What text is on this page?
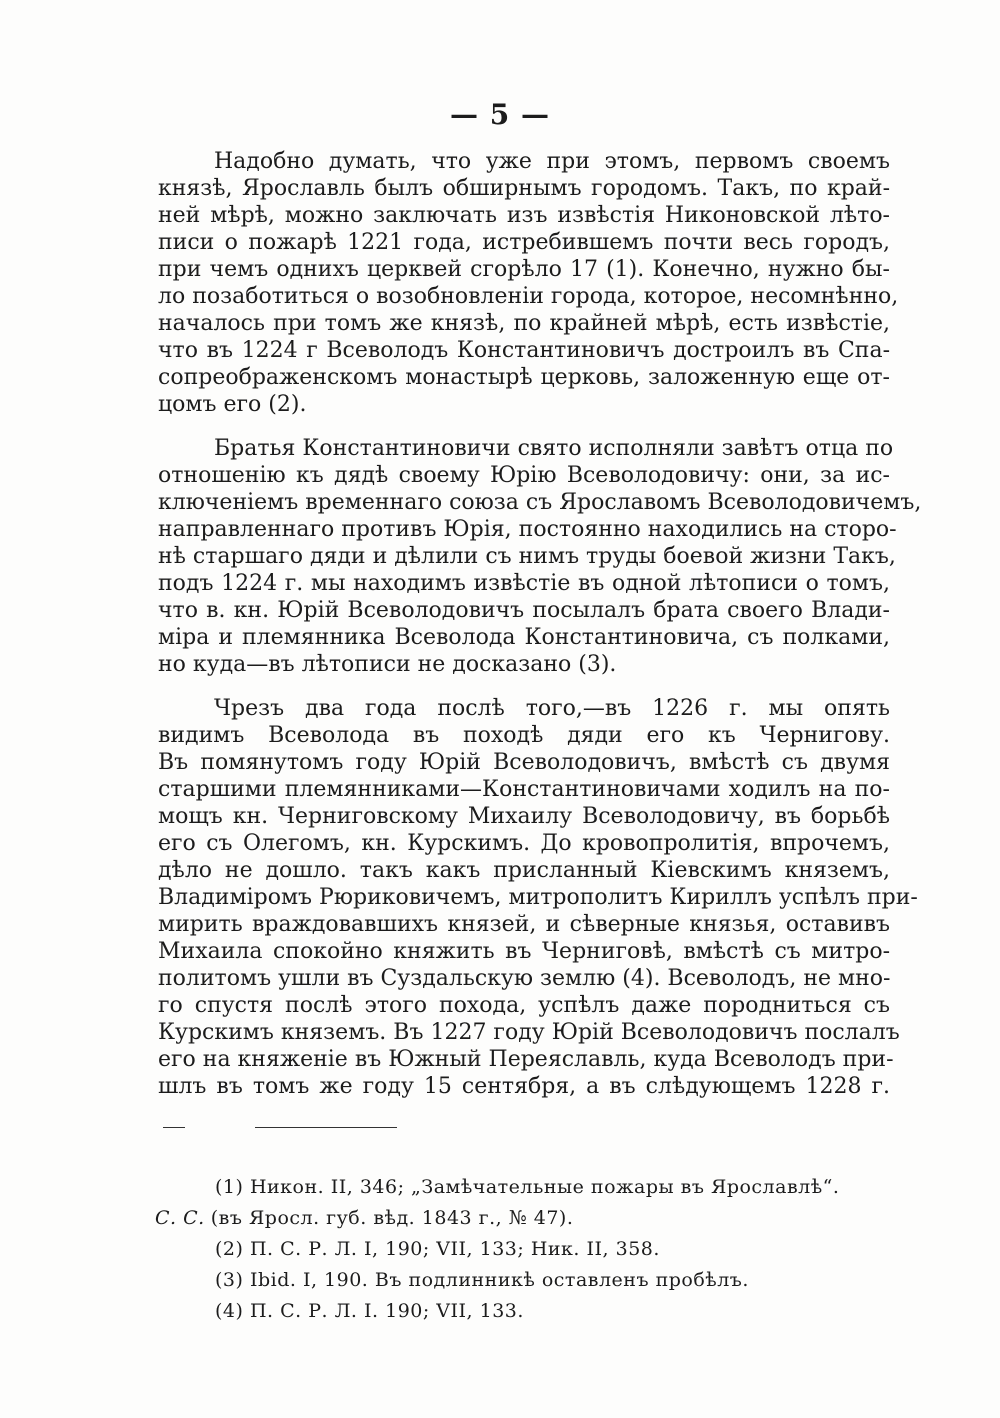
— 5 —
Надобно думать, что уже при этомъ, первомъ своемъ
князѣ, Ярославль былъ обширнымъ городомъ. Такъ, по край-
ней мѣрѣ, можно заключать изъ извѣстія Никоновской лѣто-
писи о пожарѣ 1221 года, истребившемъ почти весь городъ,
при чемъ однихъ церквей сгорѣло 17 (1). Конечно, нужно бы-
ло позаботиться о возобновленіи города, которое, несомнѣнно,
началось при томъ же князѣ, по крайней мѣрѣ, есть извѣстіе,
что въ 1224 г Всеволодъ Константиновичъ достроилъ въ Спа-
сопреображенскомъ монастырѣ церковь, заложенную еще от-
цомъ его (2).
Братья Константиновичи свято исполняли завѣтъ отца по
отношенію къ дядѣ своему Юрію Всеволодовичу: они, за ис-
ключеніемъ временнаго союза съ Ярославомъ Всеволодовичемъ,
направленнаго противъ Юрія, постоянно находились на сторо-
нѣ старшаго дяди и дѣлили съ нимъ труды боевой жизни Такъ,
подъ 1224 г. мы находимъ извѣстіе въ одной лѣтописи о томъ,
что в. кн. Юрій Всеволодовичъ посылалъ брата своего Влади-
міра и племянника Всеволода Константиновича, съ полками,
но куда—въ лѣтописи не досказано (3).
Чрезъ два года послѣ того,—въ 1226 г. мы опять
видимъ Всеволода въ походѣ дяди его къ Чернигову.
Въ помянутомъ году Юрій Всеволодовичъ, вмѣстѣ съ двумя
старшими племянниками—Константиновичами ходилъ на по-
мощъ кн. Черниговскому Михаилу Всеволодовичу, въ борьбѣ
его съ Олегомъ, кн. Курскимъ. До кровопролитія, впрочемъ,
дѣло не дошло. такъ какъ присланный Кіевскимъ княземъ,
Владиміромъ Рюриковичемъ, митрополитъ Кириллъ успѣлъ при-
мирить враждовавшихъ князей, и сѣверные князья, оставивъ
Михаила спокойно княжить въ Черниговѣ, вмѣстѣ съ митро-
политомъ ушли въ Суздальскую землю (4). Всеволодъ, не мно-
го спустя послѣ этого похода, успѣлъ даже породниться съ
Курскимъ княземъ. Въ 1227 году Юрій Всеволодовичъ послалъ
его на княженіе въ Южный Переяславль, куда Всеволодъ при-
шлъ въ томъ же году 15 сентября, а въ слѣдующемъ 1228 г.
(1) Никон. II, 346; „Замѣчательные пожары въ Ярославлѣ“.
С. С. (въ Яросл. губ. вѣд. 1843 г., № 47).
(2) П. С. Р. Л. I, 190; VII, 133; Ник. II, 358.
(3) Ibid. I, 190. Въ подлинникѣ оставленъ пробѣлъ.
(4) П. С. Р. Л. I. 190; VII, 133.
